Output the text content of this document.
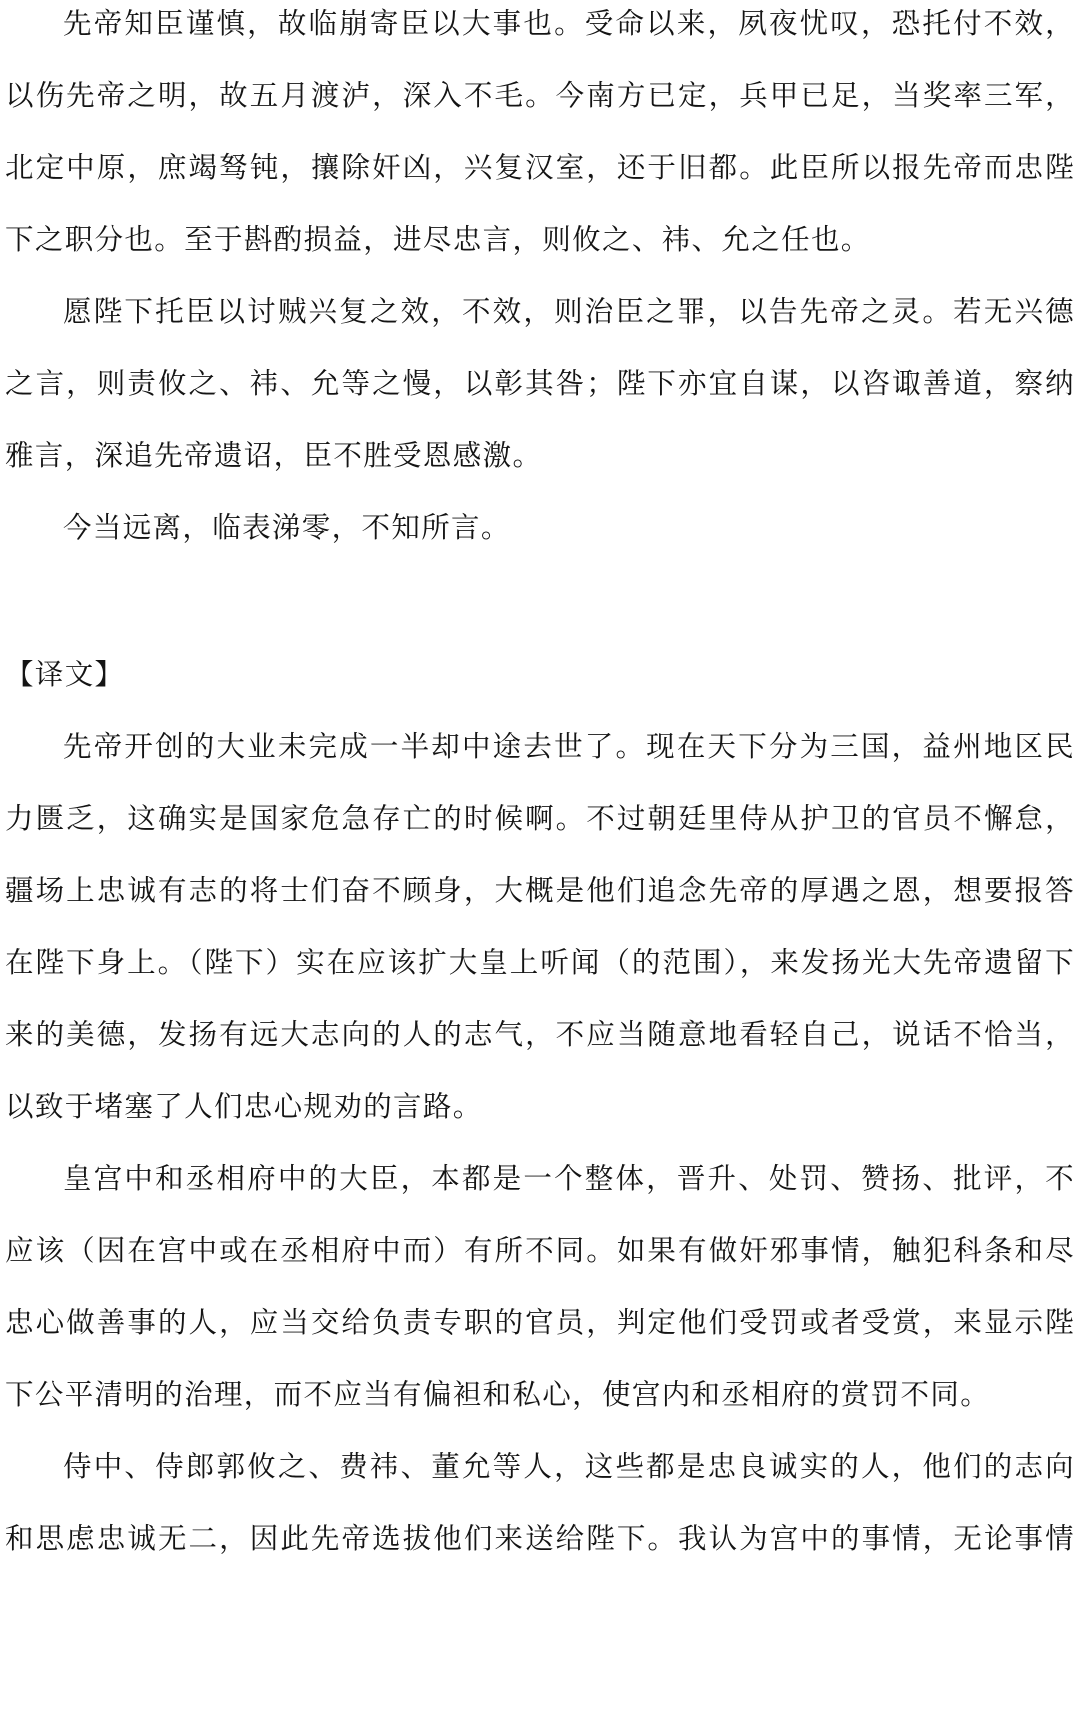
先帝知臣谨慎，故临崩寄臣以大事也。受命以来，夙夜忧叹，恐托付不效，
以伤先帝之明，故五月渡泸，深入不毛。今南方已定，兵甲已足，当奖率三军，
北定中原，庶竭驽钝，攘除奸凶，兴复汉室，还于旧都。此臣所以报先帝而忠陛
下之职分也。至于斟酌损益，进尽忠言，则攸之、祎、允之任也。
愿陛下托臣以讨贼兴复之效，不效，则治臣之罪，以告先帝之灵。若无兴德
之言，则责攸之、祎、允等之慢，以彰其咎；陛下亦宜自谋，以咨诹善道，察纳
雅言，深追先帝遗诏，臣不胜受恩感激。
今当远离，临表涕零，不知所言。
【译文】
先帝开创的大业未完成一半却中途去世了。现在天下分为三国，益州地区民
力匮乏，这确实是国家危急存亡的时候啊。不过朝廷里侍从护卫的官员不懈怠，
疆场上忠诚有志的将士们奋不顾身，大概是他们追念先帝的厚遇之恩，想要报答
在陛下身上。（陛下）实在应该扩大皇上听闻（的范围），来发扬光大先帝遗留下
来的美德，发扬有远大志向的人的志气，不应当随意地看轻自己，说话不恰当，
以致于堵塞了人们忠心规劝的言路。
皇宫中和丞相府中的大臣，本都是一个整体，晋升、处罚、赞扬、批评，不
应该（因在宫中或在丞相府中而）有所不同。如果有做奸邪事情，触犯科条和尽
忠心做善事的人，应当交给负责专职的官员，判定他们受罚或者受赏，来显示陛
下公平清明的治理，而不应当有偏袒和私心，使宫内和丞相府的赏罚不同。
侍中、侍郎郭攸之、费祎、董允等人，这些都是忠良诚实的人，他们的志向
和思虑忠诚无二，因此先帝选拔他们来送给陛下。我认为宫中的事情，无论事情
